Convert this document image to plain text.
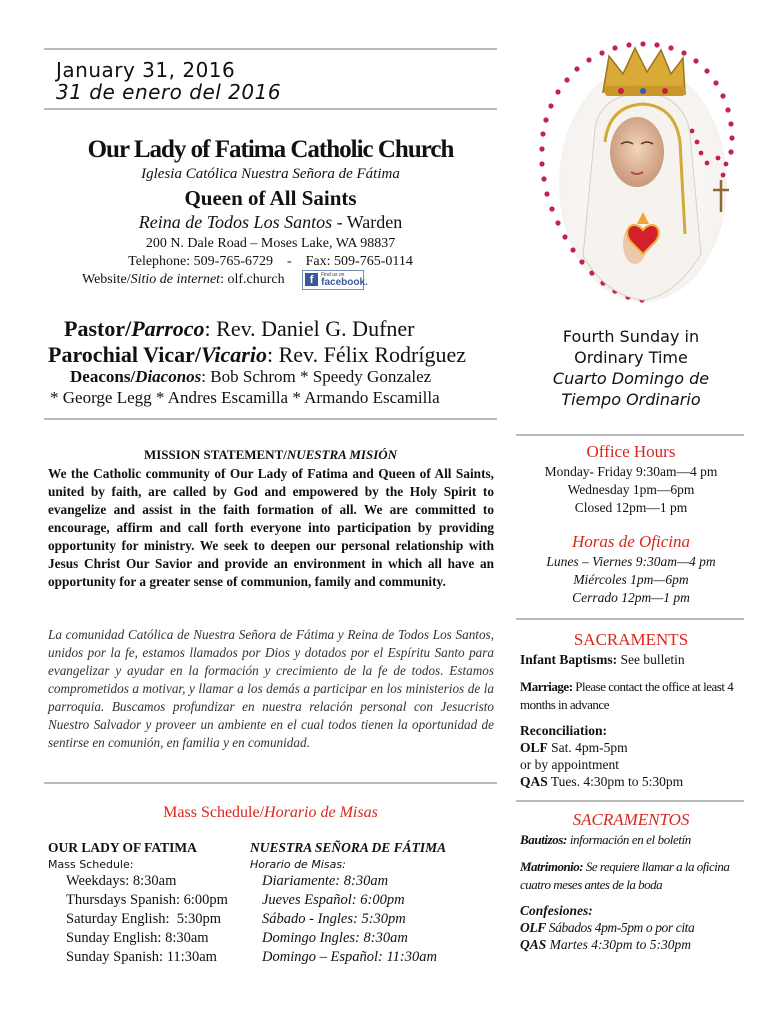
January 31, 2016
31 de enero del 2016
Our Lady of Fatima Catholic Church
Iglesia Católica Nuestra Señora de Fátima
Queen of All Saints
Reina de Todos Los Santos - Warden
200 N. Dale Road – Moses Lake, WA 98837
Telephone: 509-765-6729    -    Fax: 509-765-0114
Website/Sitio de internet: olf.church	f	Find us on
facebook.
Pastor/Parroco: Rev. Daniel G. Dufner
Parochial Vicar/Vicario: Rev. Félix Rodríguez
Deacons/Diaconos: Bob Schrom * Speedy Gonzalez
* George Legg * Andres Escamilla * Armando Escamilla
Fourth Sunday in
Ordinary Time
Cuarto Domingo de
Tiempo Ordinario
MISSION STATEMENT/NUESTRA MISIÓN

We the Catholic community of Our Lady of Fatima and Queen of All Saints, united by faith, are called by God and empowered by the Holy Spirit to evangelize and assist in the faith formation of all. We are committed to encourage, affirm and call forth everyone into participation by providing opportunity for ministry. We seek to deepen our personal relationship with Jesus Christ Our Savior and provide an environment in which all have an opportunity for a greater sense of communion, family and community.

La comunidad Católica de Nuestra Señora de Fátima y Reina de Todos Los Santos, unidos por la fe, estamos llamados por Dios y dotados por el Espíritu Santo para evangelizar y ayudar en la formación y crecimiento de la fe de todos. Estamos comprometidos a motivar, y llamar a los demás a participar en los ministerios de la parroquia. Buscamos profundizar en nuestra relación personal con Jesucristo Nuestro Salvador y proveer un ambiente en el cual todos tienen la oportunidad de sentirse en comunión, en familia y en comunidad.

Mass Schedule/Horario de Misas
OUR LADY OF FATIMA
Mass Schedule:
Weekdays: 8:30am
Thursdays Spanish: 6:00pm
Saturday English:  5:30pm
Sunday English: 8:30am
Sunday Spanish: 11:30am
NUESTRA SEÑORA DE FÁTIMA
Horario de Misas:
Diariamente: 8:30am
Jueves Español: 6:00pm
Sábado - Ingles: 5:30pm
Domingo Ingles: 8:30am
Domingo – Español: 11:30am
Office Hours
Monday- Friday 9:30am—4 pm
Wednesday 1pm—6pm
Closed 12pm—1 pm
Horas de Oficina
Lunes – Viernes 9:30am—4 pm
Miércoles 1pm—6pm
Cerrado 12pm—1 pm
SACRAMENTS
Infant Baptisms: See bulletin
Marriage: Please contact the office at least 4 months in advance
Reconciliation:
OLF Sat. 4pm-5pm
or by appointment
QAS Tues. 4:30pm to 5:30pm
SACRAMENTOS
Bautizos: información en el boletín
Matrimonio: Se requiere llamar a la oficina cuatro meses antes de la boda
Confesiones:
OLF Sábados 4pm-5pm o por cita
QAS Martes 4:30pm to 5:30pm
